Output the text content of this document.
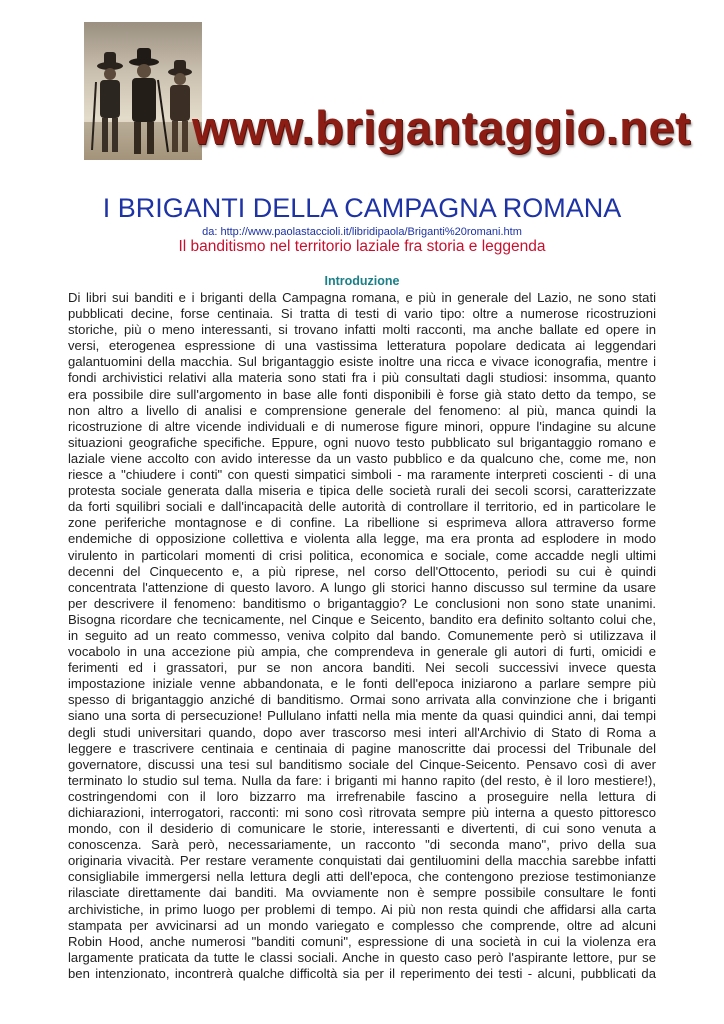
www.brigantaggio.net
I BRIGANTI DELLA CAMPAGNA ROMANA
da: http://www.paolastaccioli.it/libridipaola/Briganti%20romani.htm
Il banditismo nel territorio laziale fra storia e leggenda
Introduzione
Di libri sui banditi e i briganti della Campagna romana, e più in generale del Lazio, ne sono stati
pubblicati decine, forse centinaia. Si tratta di testi di vario tipo: oltre a numerose ricostruzioni
storiche, più o meno interessanti, si trovano infatti molti racconti, ma anche ballate ed opere in
versi, eterogenea espressione di una vastissima letteratura popolare dedicata ai leggendari
galantuomini della macchia. Sul brigantaggio esiste inoltre una ricca e vivace iconografia, mentre i
fondi archivistici relativi alla materia sono stati fra i più consultati dagli studiosi: insomma, quanto
era possibile dire sull'argomento in base alle fonti disponibili è forse già stato detto da tempo, se
non altro a livello di analisi e comprensione generale del fenomeno: al più, manca quindi la
ricostruzione di altre vicende individuali e di numerose figure minori, oppure l'indagine su alcune
situazioni geografiche specifiche. Eppure, ogni nuovo testo pubblicato sul brigantaggio romano e
laziale viene accolto con avido interesse da un vasto pubblico e da qualcuno che, come me, non
riesce a "chiudere i conti" con questi simpatici simboli - ma raramente interpreti coscienti - di una
protesta sociale generata dalla miseria e tipica delle società rurali dei secoli scorsi, caratterizzate
da forti squilibri sociali e dall'incapacità delle autorità di controllare il territorio, ed in particolare le
zone periferiche montagnose e di confine. La ribellione si esprimeva allora attraverso forme
endemiche di opposizione collettiva e violenta alla legge, ma era pronta ad esplodere in modo
virulento in particolari momenti di crisi politica, economica e sociale, come accadde negli ultimi
decenni del Cinquecento e, a più riprese, nel corso dell'Ottocento, periodi su cui è quindi
concentrata l'attenzione di questo lavoro. A lungo gli storici hanno discusso sul termine da usare
per descrivere il fenomeno: banditismo o brigantaggio? Le conclusioni non sono state unanimi.
Bisogna ricordare che tecnicamente, nel Cinque e Seicento, bandito era definito soltanto colui che,
in seguito ad un reato commesso, veniva colpito dal bando. Comunemente però si utilizzava il
vocabolo in una accezione più ampia, che comprendeva in generale gli autori di furti, omicidi e
ferimenti ed i grassatori, pur se non ancora banditi. Nei secoli successivi invece questa
impostazione iniziale venne abbandonata, e le fonti dell'epoca iniziarono a parlare sempre più
spesso di brigantaggio anziché di banditismo. Ormai sono arrivata alla convinzione che i briganti
siano una sorta di persecuzione! Pullulano infatti nella mia mente da quasi quindici anni, dai tempi
degli studi universitari quando, dopo aver trascorso mesi interi all'Archivio di Stato di Roma a
leggere e trascrivere centinaia e centinaia di pagine manoscritte dai processi del Tribunale del
governatore, discussi una tesi sul banditismo sociale del Cinque-Seicento. Pensavo così di aver
terminato lo studio sul tema. Nulla da fare: i briganti mi hanno rapito (del resto, è il loro mestiere!),
costringendomi con il loro bizzarro ma irrefrenabile fascino a proseguire nella lettura di
dichiarazioni, interrogatori, racconti: mi sono così ritrovata sempre più interna a questo pittoresco
mondo, con il desiderio di comunicare le storie, interessanti e divertenti, di cui sono venuta a
conoscenza. Sarà però, necessariamente, un racconto "di seconda mano", privo della sua
originaria vivacità. Per restare veramente conquistati dai gentiluomini della macchia sarebbe infatti
consigliabile immergersi nella lettura degli atti dell'epoca, che contengono preziose testimonianze
rilasciate direttamente dai banditi. Ma ovviamente non è sempre possibile consultare le fonti
archivistiche, in primo luogo per problemi di tempo. Ai più non resta quindi che affidarsi alla carta
stampata per avvicinarsi ad un mondo variegato e complesso che comprende, oltre ad alcuni
Robin Hood, anche numerosi "banditi comuni", espressione di una società in cui la violenza era
largamente praticata da tutte le classi sociali. Anche in questo caso però l'aspirante lettore, pur se
ben intenzionato, incontrerà qualche difficoltà sia per il reperimento dei testi - alcuni, pubblicati da
